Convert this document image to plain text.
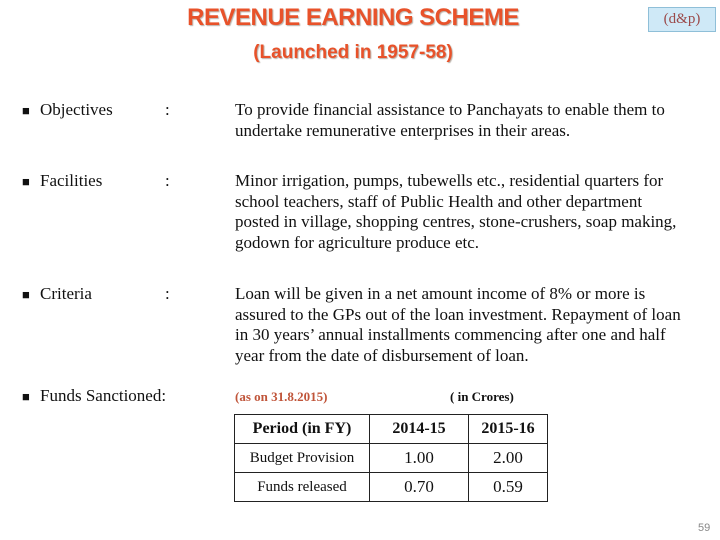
REVENUE EARNING SCHEME
(Launched in 1957-58)
(d&p)
■ Objectives	:	To provide financial assistance to Panchayats to enable them to undertake remunerative enterprises in their areas.
■ Facilities	:	Minor irrigation, pumps, tubewells etc., residential quarters for school teachers, staff of Public Health and other department posted in village, shopping centres, stone-crushers, soap making, godown for agriculture produce etc.
■ Criteria	:	Loan will be given in a net amount income of 8% or more is assured to the GPs out of the loan investment. Repayment of loan in 30 years’ annual installments commencing after one and half year from the date of disbursement of loan.
■ Funds Sanctioned:	(as on 31.8.2015)	( in Crores)
Period (in FY)	2014-15	2015-16
Budget Provision	1.00	2.00
Funds released	0.70	0.59
59
